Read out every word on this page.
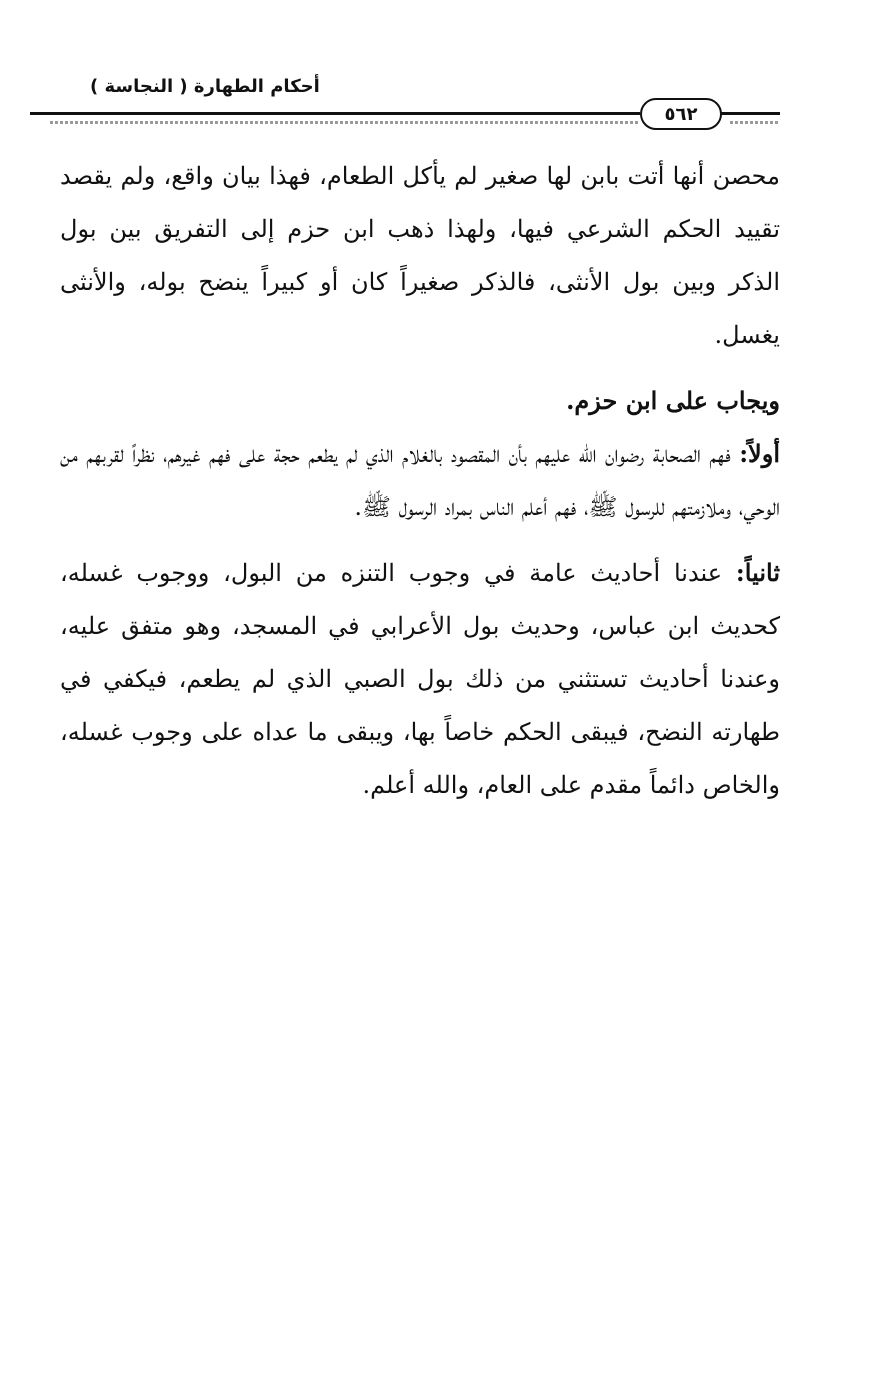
أحكام الطهارة ( النجاسة )
٥٦٢

محصن أنها أتت بابن لها صغير لم يأكل الطعام، فهذا بيان واقع، ولم يقصد تقييد الحكم الشرعي فيها، ولهذا ذهب ابن حزم إلى التفريق بين بول الذكر وبين بول الأنثى، فالذكر صغيراً كان أو كبيراً ينضح بوله، والأنثى يغسل.

ويجاب على ابن حزم.

أولاً: فهم الصحابة رضوان الله عليهم بأن المقصود بالغلام الذي لم يطعم حجة على فهم غيرهم، نظراً لقربهم من الوحي، وملازمتهم للرسول ﷺ، فهم أعلم الناس بمراد الرسول ﷺ.

ثانياً: عندنا أحاديث عامة في وجوب التنزه من البول، ووجوب غسله، كحديث ابن عباس، وحديث بول الأعرابي في المسجد، وهو متفق عليه، وعندنا أحاديث تستثني من ذلك بول الصبي الذي لم يطعم، فيكفي في طهارته النضح، فيبقى الحكم خاصاً بها، ويبقى ما عداه على وجوب غسله، والخاص دائماً مقدم على العام، والله أعلم.
